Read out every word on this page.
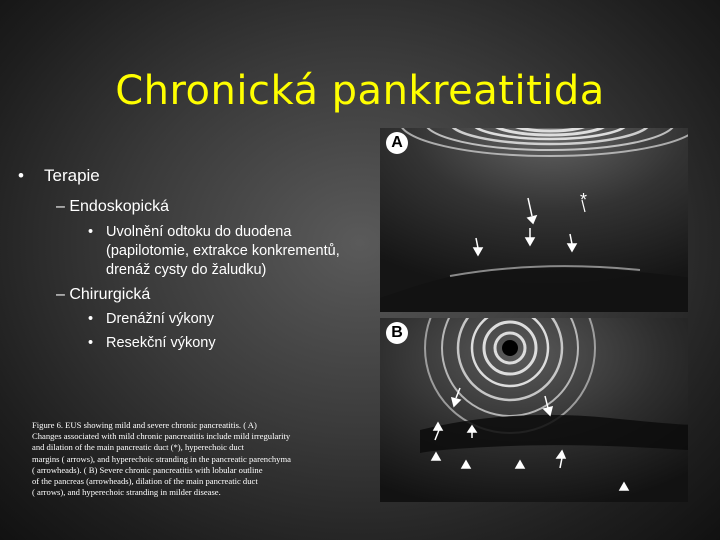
Chronická pankreatitida
• Terapie
– Endoskopická
• Uvolnění odtoku do duodena
(papilotomie, extrakce konkrementů,
drenáž cysty do žaludku)
– Chirurgická
• Drenážní výkony
• Resekční výkony
Figure 6. EUS showing mild and severe chronic pancreatitis. ( A)
Changes associated with mild chronic pancreatitis include mild irregularity
and dilation of the main pancreatic duct (*), hyperechoic duct
margins ( arrows), and hyperechoic stranding in the pancreatic parenchyma
( arrowheads). ( B) Severe chronic pancreatitis with lobular outline
of the pancreas (arrowheads), dilation of the main pancreatic duct
( arrows), and hyperechoic stranding in milder disease.
*
A
B
